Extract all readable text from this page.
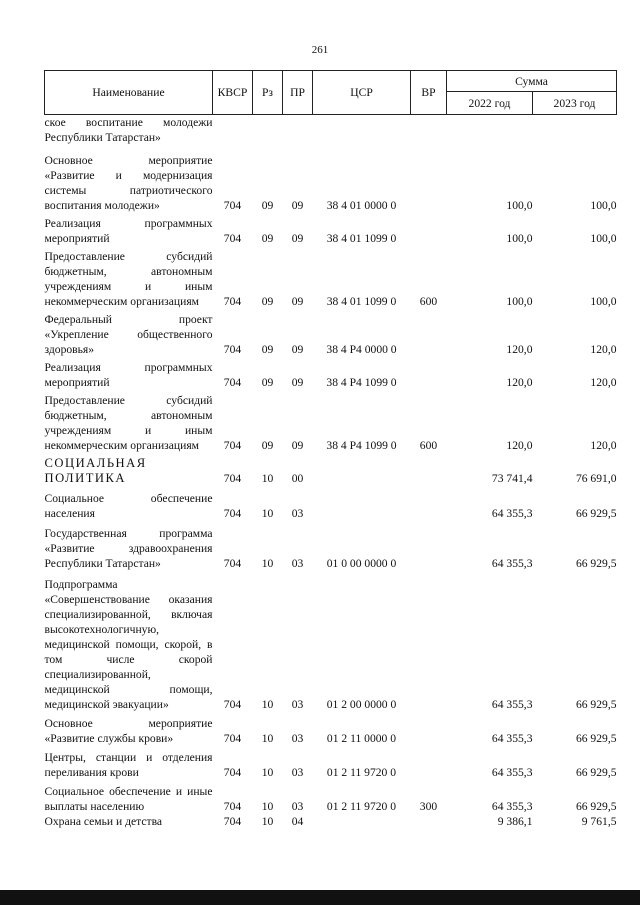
261
Наименование	КВСР	Рз	ПР	ЦСР	ВР	Сумма	
						2022 год	2023 год
ское воспитание молодежи Республики Татарстан»							
Основное мероприятие «Развитие и модернизация системы патриотического воспитания молодежи»	704	09	09	38 4 01 0000 0		100,0	100,0
Реализация программных мероприятий	704	09	09	38 4 01 1099 0		100,0	100,0
Предоставление субсидий бюджетным, автономным учреждениям и иным некоммерческим организациям	704	09	09	38 4 01 1099 0	600	100,0	100,0
Федеральный проект «Укрепление общественного здоровья»	704	09	09	38 4 P4 0000 0		120,0	120,0
Реализация программных мероприятий	704	09	09	38 4 P4 1099 0		120,0	120,0
Предоставление субсидий бюджетным, автономным учреждениям и иным некоммерческим организациям	704	09	09	38 4 P4 1099 0	600	120,0	120,0
СОЦИАЛЬНАЯ ПОЛИТИКА	704	10	00			73 741,4	76 691,0
Социальное обеспечение населения	704	10	03			64 355,3	66 929,5
Государственная программа «Развитие здравоохранения Республики Татарстан»	704	10	03	01 0 00 0000 0		64 355,3	66 929,5
Подпрограмма «Совершенствование оказания специализированной, включая высокотехнологичную, медицинской помощи, скорой, в том числе скорой специализированной, медицинской помощи, медицинской эвакуации»	704	10	03	01 2 00 0000 0		64 355,3	66 929,5
Основное мероприятие «Развитие службы крови»	704	10	03	01 2 11 0000 0		64 355,3	66 929,5
Центры, станции и отделения переливания крови	704	10	03	01 2 11 9720 0		64 355,3	66 929,5
Социальное обеспечение и иные выплаты населению	704	10	03	01 2 11 9720 0	300	64 355,3	66 929,5
Охрана семьи и детства	704	10	04			9 386,1	9 761,5
